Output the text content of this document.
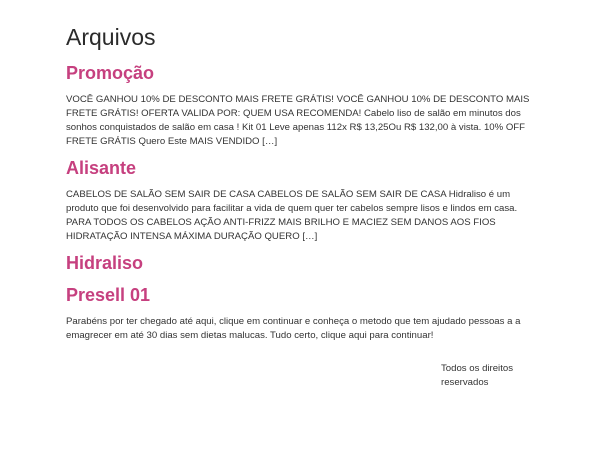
Arquivos
Promoção

VOCÊ GANHOU 10% DE DESCONTO MAIS FRETE GRÁTIS! VOCÊ GANHOU 10% DE DESCONTO MAIS FRETE GRÁTIS! OFERTA VALIDA POR: QUEM USA RECOMENDA! Cabelo liso de salão em minutos dos sonhos conquistados de salão em casa ! Kit 01 Leve apenas 112x R$ 13,25Ou R$ 132,00 à vista. 10% OFF FRETE GRÁTIS Quero Este MAIS VENDIDO […]

Alisante

CABELOS DE SALÃO SEM SAIR DE CASA CABELOS DE SALÃO SEM SAIR DE CASA Hidraliso é um produto que foi desenvolvido para facilitar a vida de quem quer ter cabelos sempre lisos e lindos em casa. PARA TODOS OS CABELOS AÇÃO ANTI-FRIZZ MAIS BRILHO E MACIEZ SEM DANOS AOS FIOS HIDRATAÇÃO INTENSA MÁXIMA DURAÇÃO QUERO […]

Hidraliso
Presell 01

Parabéns por ter chegado até aqui, clique em continuar e conheça o metodo que tem ajudado pessoas a a emagrecer em até 30 dias sem dietas malucas. Tudo certo, clique aqui para continuar!

Todos os direitos reservados
